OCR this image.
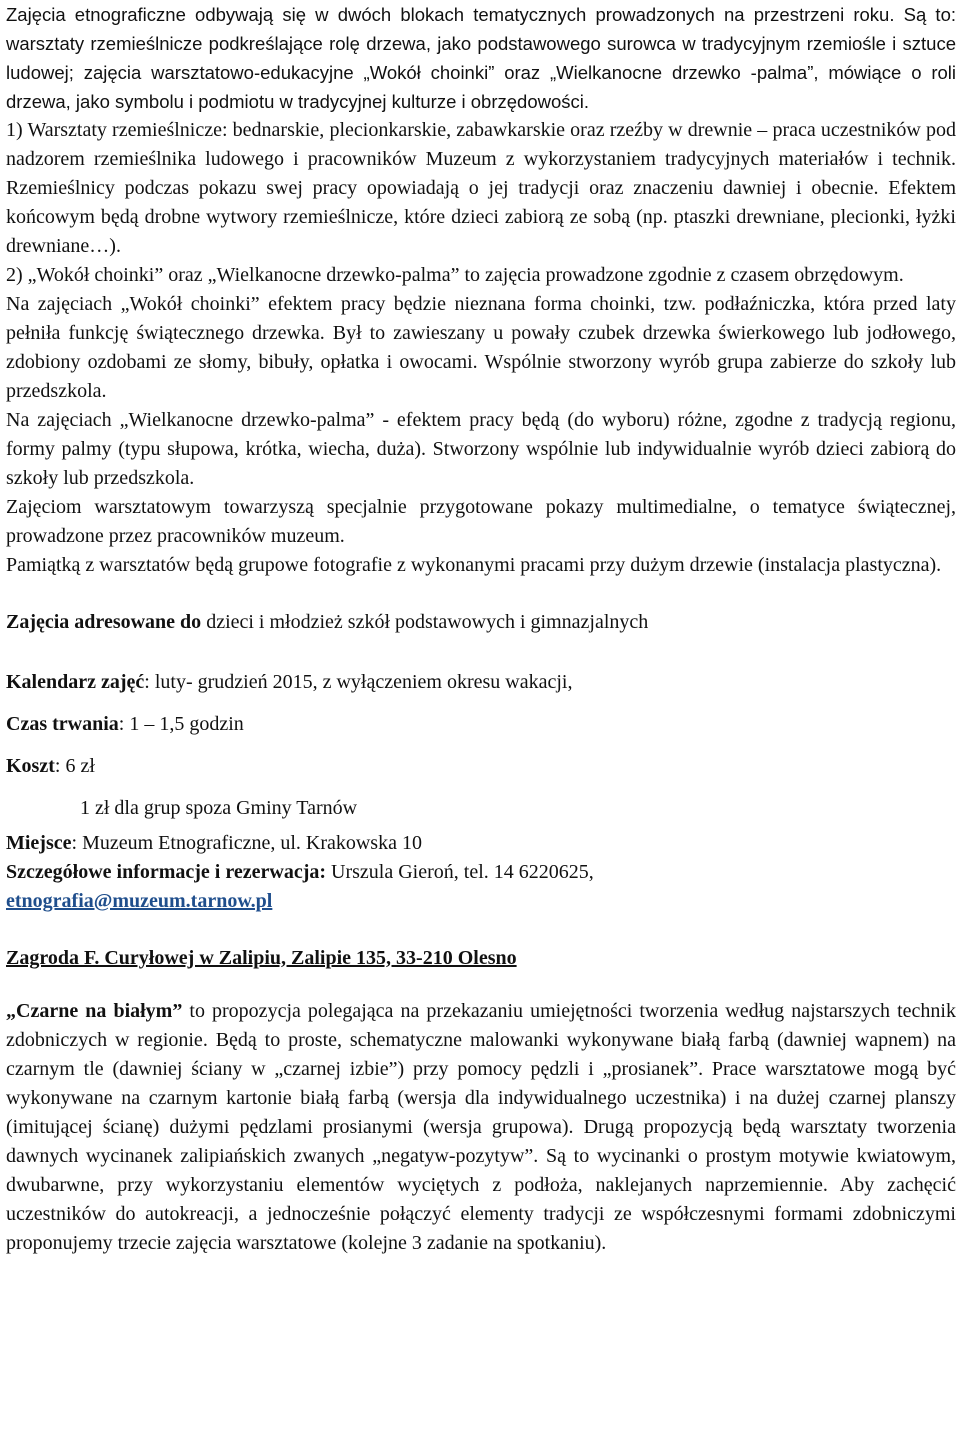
Zajęcia etnograficzne odbywają się w dwóch blokach tematycznych prowadzonych na przestrzeni roku. Są to: warsztaty rzemieślnicze podkreślające rolę drzewa, jako podstawowego surowca w tradycyjnym rzemiośle i sztuce ludowej; zajęcia warsztatowo-edukacyjne „Wokół choinki” oraz „Wielkanocne drzewko -palma”, mówiące o roli drzewa, jako symbolu i podmiotu w tradycyjnej kulturze i obrzędowości.

1) Warsztaty rzemieślnicze: bednarskie, plecionkarskie, zabawkarskie oraz rzeźby w drewnie – praca uczestników pod nadzorem rzemieślnika ludowego i pracowników Muzeum z wykorzystaniem tradycyjnych materiałów i technik. Rzemieślnicy podczas pokazu swej pracy opowiadają o jej tradycji oraz znaczeniu dawniej i obecnie. Efektem końcowym będą drobne wytwory rzemieślnicze, które dzieci zabiorą ze sobą (np. ptaszki drewniane, plecionki, łyżki drewniane…).

2) „Wokół choinki” oraz „Wielkanocne drzewko-palma” to zajęcia prowadzone zgodnie z czasem obrzędowym.

Na zajęciach „Wokół choinki” efektem pracy będzie nieznana forma choinki, tzw. podłaźniczka, która przed laty pełniła funkcję świątecznego drzewka. Był to zawieszany u powały czubek drzewka świerkowego lub jodłowego, zdobiony ozdobami ze słomy, bibuły, opłatka i owocami. Wspólnie stworzony wyrób grupa zabierze do szkoły lub przedszkola.

Na zajęciach „Wielkanocne drzewko-palma” - efektem pracy będą (do wyboru) różne, zgodne z tradycją regionu, formy palmy (typu słupowa, krótka, wiecha, duża). Stworzony wspólnie lub indywidualnie wyrób dzieci zabiorą do szkoły lub przedszkola.

Zajęciom warsztatowym towarzyszą specjalnie przygotowane pokazy multimedialne, o tematyce świątecznej, prowadzone przez pracowników muzeum.

Pamiątką z warsztatów będą grupowe fotografie z wykonanymi pracami przy dużym drzewie (instalacja plastyczna).

Zajęcia adresowane do dzieci i młodzież szkół podstawowych i gimnazjalnych

Kalendarz zajęć: luty- grudzień 2015, z wyłączeniem okresu wakacji,

Czas trwania: 1 – 1,5 godzin

Koszt: 6 zł

1 zł dla grup spoza Gminy Tarnów

Miejsce: Muzeum Etnograficzne, ul. Krakowska 10

Szczegółowe informacje i rezerwacja: Urszula Gieroń, tel. 14 6220625,

etnografia@muzeum.tarnow.pl

Zagroda F. Curyłowej w Zalipiu, Zalipie 135, 33-210 Olesno

„Czarne na białym” to propozycja polegająca na przekazaniu umiejętności tworzenia według najstarszych technik zdobniczych w regionie. Będą to proste, schematyczne malowanki wykonywane białą farbą (dawniej wapnem) na czarnym tle (dawniej ściany w „czarnej izbie”) przy pomocy pędzli i „prosianek”. Prace warsztatowe mogą być wykonywane na czarnym kartonie białą farbą (wersja dla indywidualnego uczestnika) i na dużej czarnej planszy (imitującej ścianę) dużymi pędzlami prosianymi (wersja grupowa). Drugą propozycją będą warsztaty tworzenia dawnych wycinanek zalipiańskich zwanych „negatyw-pozytyw”. Są to wycinanki o prostym motywie kwiatowym, dwubarwne, przy wykorzystaniu elementów wyciętych z podłoża, naklejanych naprzemiennie. Aby zachęcić uczestników do autokreacji, a jednocześnie połączyć elementy tradycji ze współczesnymi formami zdobniczymi proponujemy trzecie zajęcia warsztatowe (kolejne 3 zadanie na spotkaniu).
